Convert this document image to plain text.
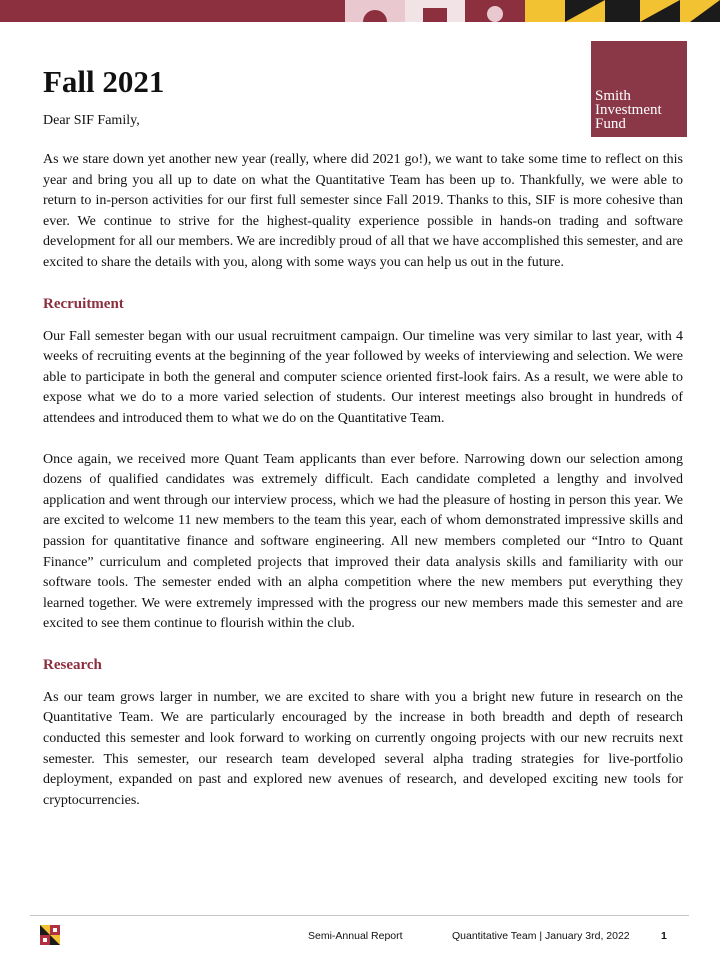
Smith
Investment
Fund
Fall 2021
Dear SIF Family,

As we stare down yet another new year (really, where did 2021 go!), we want to take some time to reflect on this year and bring you all up to date on what the Quantitative Team has been up to. Thankfully, we were able to return to in-person activities for our first full semester since Fall 2019. Thanks to this, SIF is more cohesive than ever. We continue to strive for the highest-quality experience possible in hands-on trading and software development for all our members. We are incredibly proud of all that we have accomplished this semester, and are excited to share the details with you, along with some ways you can help us out in the future.

Recruitment

Our Fall semester began with our usual recruitment campaign. Our timeline was very similar to last year, with 4 weeks of recruiting events at the beginning of the year followed by weeks of interviewing and selection. We were able to participate in both the general and computer science oriented first-look fairs. As a result, we were able to expose what we do to a more varied selection of students. Our interest meetings also brought in hundreds of attendees and introduced them to what we do on the Quantitative Team.

Once again, we received more Quant Team applicants than ever before. Narrowing down our selection among dozens of qualified candidates was extremely difficult. Each candidate completed a lengthy and involved application and went through our interview process, which we had the pleasure of hosting in person this year. We are excited to welcome 11 new members to the team this year, each of whom demonstrated impressive skills and passion for quantitative finance and software engineering. All new members completed our “Intro to Quant Finance” curriculum and completed projects that improved their data analysis skills and familiarity with our software tools. The semester ended with an alpha competition where the new members put everything they learned together. We were extremely impressed with the progress our new members made this semester and are excited to see them continue to flourish within the club.

Research

As our team grows larger in number, we are excited to share with you a bright new future in research on the Quantitative Team. We are particularly encouraged by the increase in both breadth and depth of research conducted this semester and look forward to working on currently ongoing projects with our new recruits next semester. This semester, our research team developed several alpha trading strategies for live-portfolio deployment, expanded on past and explored new avenues of research, and developed exciting new tools for cryptocurrencies.

Semi-Annual Report	Quantitative Team | January 3rd, 2022	1
